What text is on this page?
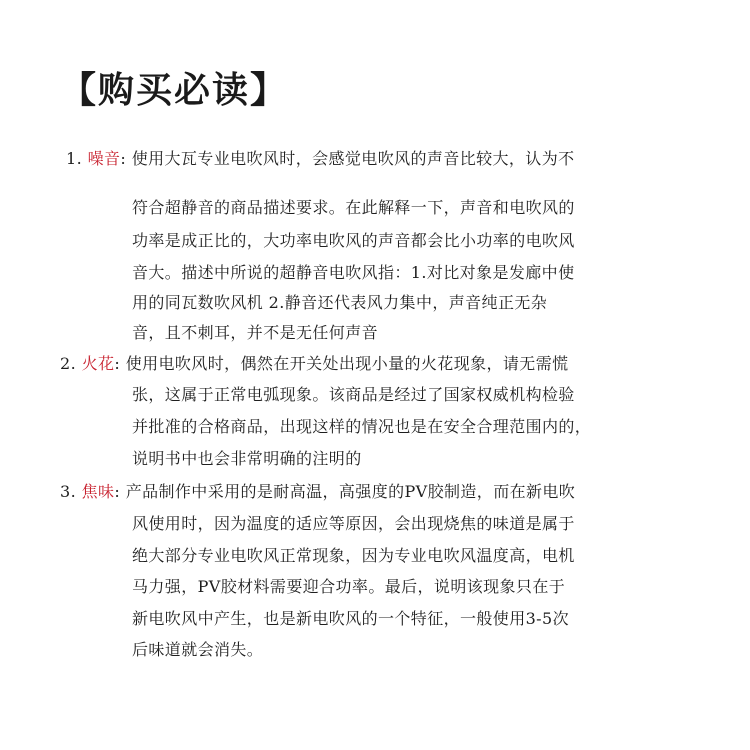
【购买必读】
1. 噪音: 使用大瓦专业电吹风时，会感觉电吹风的声音比较大，认为不
符合超静音的商品描述要求。在此解释一下，声音和电吹风的
功率是成正比的，大功率电吹风的声音都会比小功率的电吹风
音大。描述中所说的超静音电吹风指：1.对比对象是发廊中使
用的同瓦数吹风机 2.静音还代表风力集中，声音纯正无杂
音，且不刺耳，并不是无任何声音
2. 火花: 使用电吹风时，偶然在开关处出现小量的火花现象，请无需慌
张，这属于正常电弧现象。该商品是经过了国家权威机构检验
并批准的合格商品，出现这样的情况也是在安全合理范围内的，
说明书中也会非常明确的注明的
3. 焦味: 产品制作中采用的是耐高温，高强度的PV胶制造，而在新电吹
风使用时，因为温度的适应等原因，会出现烧焦的味道是属于
绝大部分专业电吹风正常现象，因为专业电吹风温度高，电机
马力强，PV胶材料需要迎合功率。最后，说明该现象只在于
新电吹风中产生，也是新电吹风的一个特征，一般使用3-5次
后味道就会消失。
